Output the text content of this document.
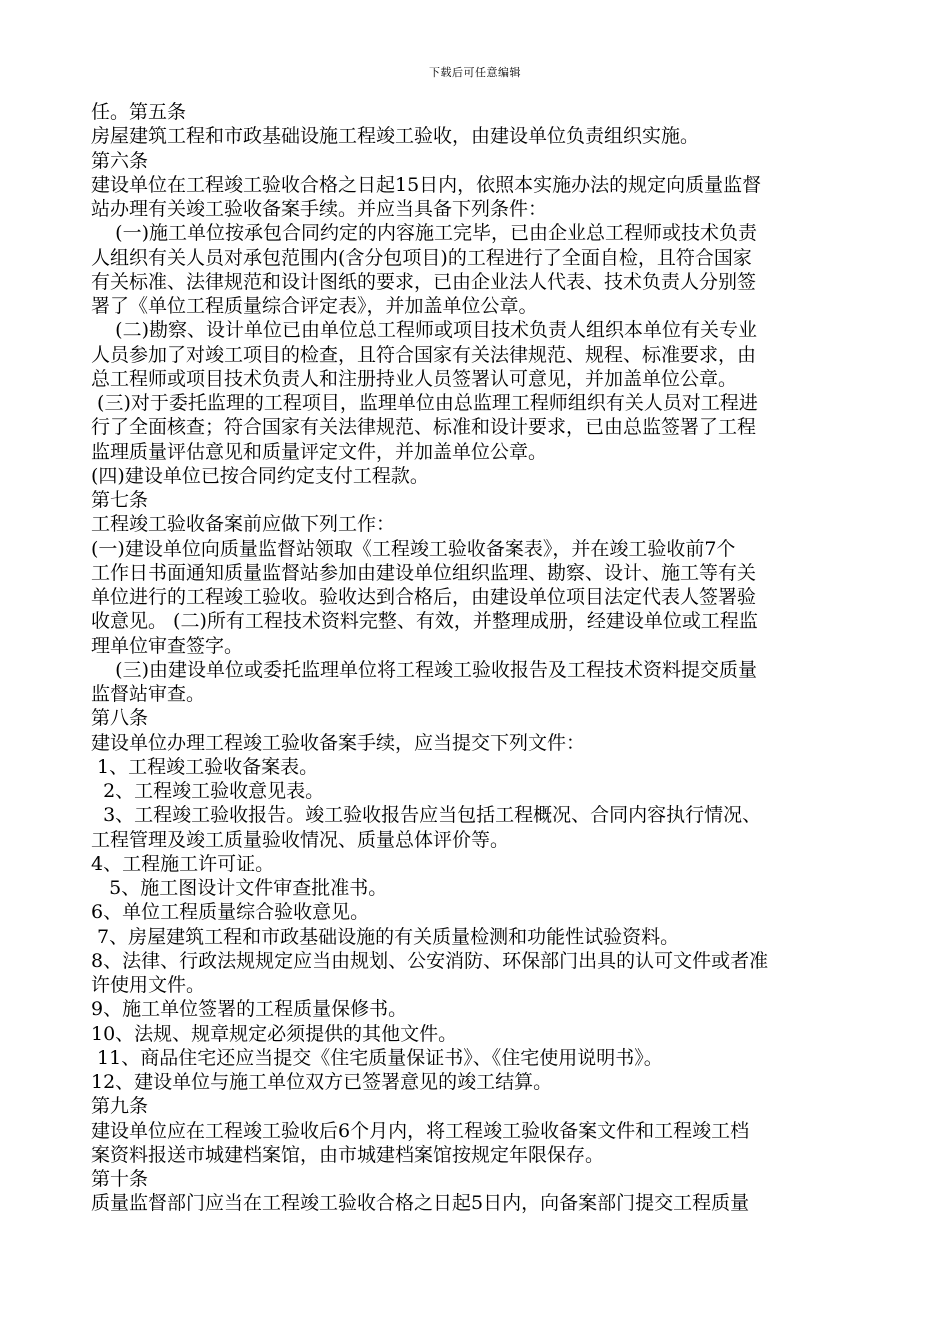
下载后可任意编辑
任。第五条
房屋建筑工程和市政基础设施工程竣工验收，由建设单位负责组织实施。
第六条
建设单位在工程竣工验收合格之日起15日内，依照本实施办法的规定向质量监督
站办理有关竣工验收备案手续。并应当具备下列条件：
(一)施工单位按承包合同约定的内容施工完毕，已由企业总工程师或技术负责
人组织有关人员对承包范围内(含分包项目)的工程进行了全面自检，且符合国家
有关标准、法律规范和设计图纸的要求，已由企业法人代表、技术负责人分别签
署了《单位工程质量综合评定表》，并加盖单位公章。
(二)勘察、设计单位已由单位总工程师或项目技术负责人组织本单位有关专业
人员参加了对竣工项目的检查，且符合国家有关法律规范、规程、标准要求，由
总工程师或项目技术负责人和注册持业人员签署认可意见，并加盖单位公章。
(三)对于委托监理的工程项目，监理单位由总监理工程师组织有关人员对工程进
行了全面核查；符合国家有关法律规范、标准和设计要求，已由总监签署了工程
监理质量评估意见和质量评定文件，并加盖单位公章。
(四)建设单位已按合同约定支付工程款。
第七条
工程竣工验收备案前应做下列工作：
(一)建设单位向质量监督站领取《工程竣工验收备案表》，并在竣工验收前7个
工作日书面通知质量监督站参加由建设单位组织监理、勘察、设计、施工等有关
单位进行的工程竣工验收。验收达到合格后，由建设单位项目法定代表人签署验
收意见。 (二)所有工程技术资料完整、有效，并整理成册，经建设单位或工程监
理单位审查签字。
(三)由建设单位或委托监理单位将工程竣工验收报告及工程技术资料提交质量
监督站审查。
第八条
建设单位办理工程竣工验收备案手续，应当提交下列文件：
1、工程竣工验收备案表。
2、工程竣工验收意见表。
3、工程竣工验收报告。竣工验收报告应当包括工程概况、合同内容执行情况、
工程管理及竣工质量验收情况、质量总体评价等。
4、工程施工许可证。
5、施工图设计文件审查批准书。
6、单位工程质量综合验收意见。
7、房屋建筑工程和市政基础设施的有关质量检测和功能性试验资料。
8、法律、行政法规规定应当由规划、公安消防、环保部门出具的认可文件或者准
许使用文件。
9、施工单位签署的工程质量保修书。
10、法规、规章规定必须提供的其他文件。
11、商品住宅还应当提交《住宅质量保证书》、《住宅使用说明书》。
12、建设单位与施工单位双方已签署意见的竣工结算。
第九条
建设单位应在工程竣工验收后6个月内，将工程竣工验收备案文件和工程竣工档
案资料报送市城建档案馆，由市城建档案馆按规定年限保存。
第十条
质量监督部门应当在工程竣工验收合格之日起5日内，向备案部门提交工程质量
